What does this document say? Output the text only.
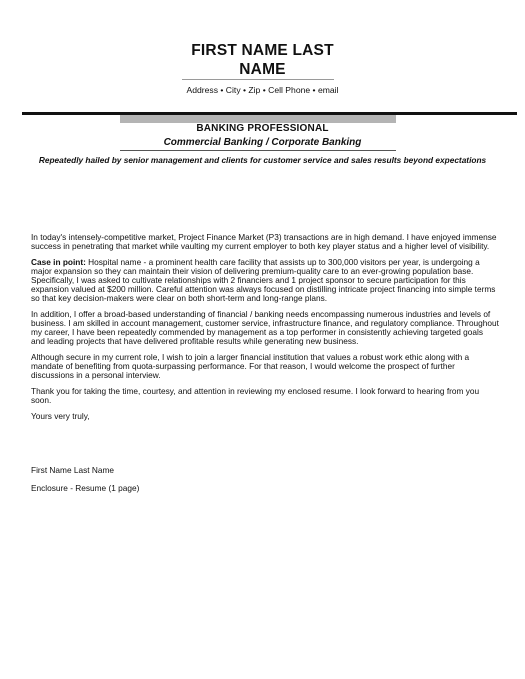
FIRST NAME LAST
NAME
Address • City • Zip • Cell Phone • email
BANKING PROFESSIONAL
Commercial Banking / Corporate Banking
Repeatedly hailed by senior management and clients for customer service and sales results beyond expectations

In today's intensely-competitive market, Project Finance Market (P3) transactions are in high demand. I have enjoyed immense success in penetrating that market while vaulting my current employer to both key player status and a higher level of visibility.

Case in point: Hospital name - a prominent health care facility that assists up to 300,000 visitors per year, is undergoing a major expansion so they can maintain their vision of delivering premium-quality care to an ever-growing population base. Specifically, I was asked to cultivate relationships with 2 financiers and 1 project sponsor to secure participation for this expansion valued at $200 million. Careful attention was always focused on distilling intricate project financing into simple terms so that key decision-makers were clear on both short-term and long-range plans.

In addition, I offer a broad-based understanding of financial / banking needs encompassing numerous industries and levels of business. I am skilled in account management, customer service, infrastructure finance, and regulatory compliance. Throughout my career, I have been repeatedly commended by management as a top performer in consistently achieving targeted goals and leading projects that have delivered profitable results while generating new business.

Although secure in my current role, I wish to join a larger financial institution that values a robust work ethic along with a mandate of benefiting from quota-surpassing performance. For that reason, I would welcome the prospect of further discussions in a personal interview.

Thank you for taking the time, courtesy, and attention in reviewing my enclosed resume. I look forward to hearing from you soon.

Yours very truly,

First Name Last Name
Enclosure - Resume (1 page)
